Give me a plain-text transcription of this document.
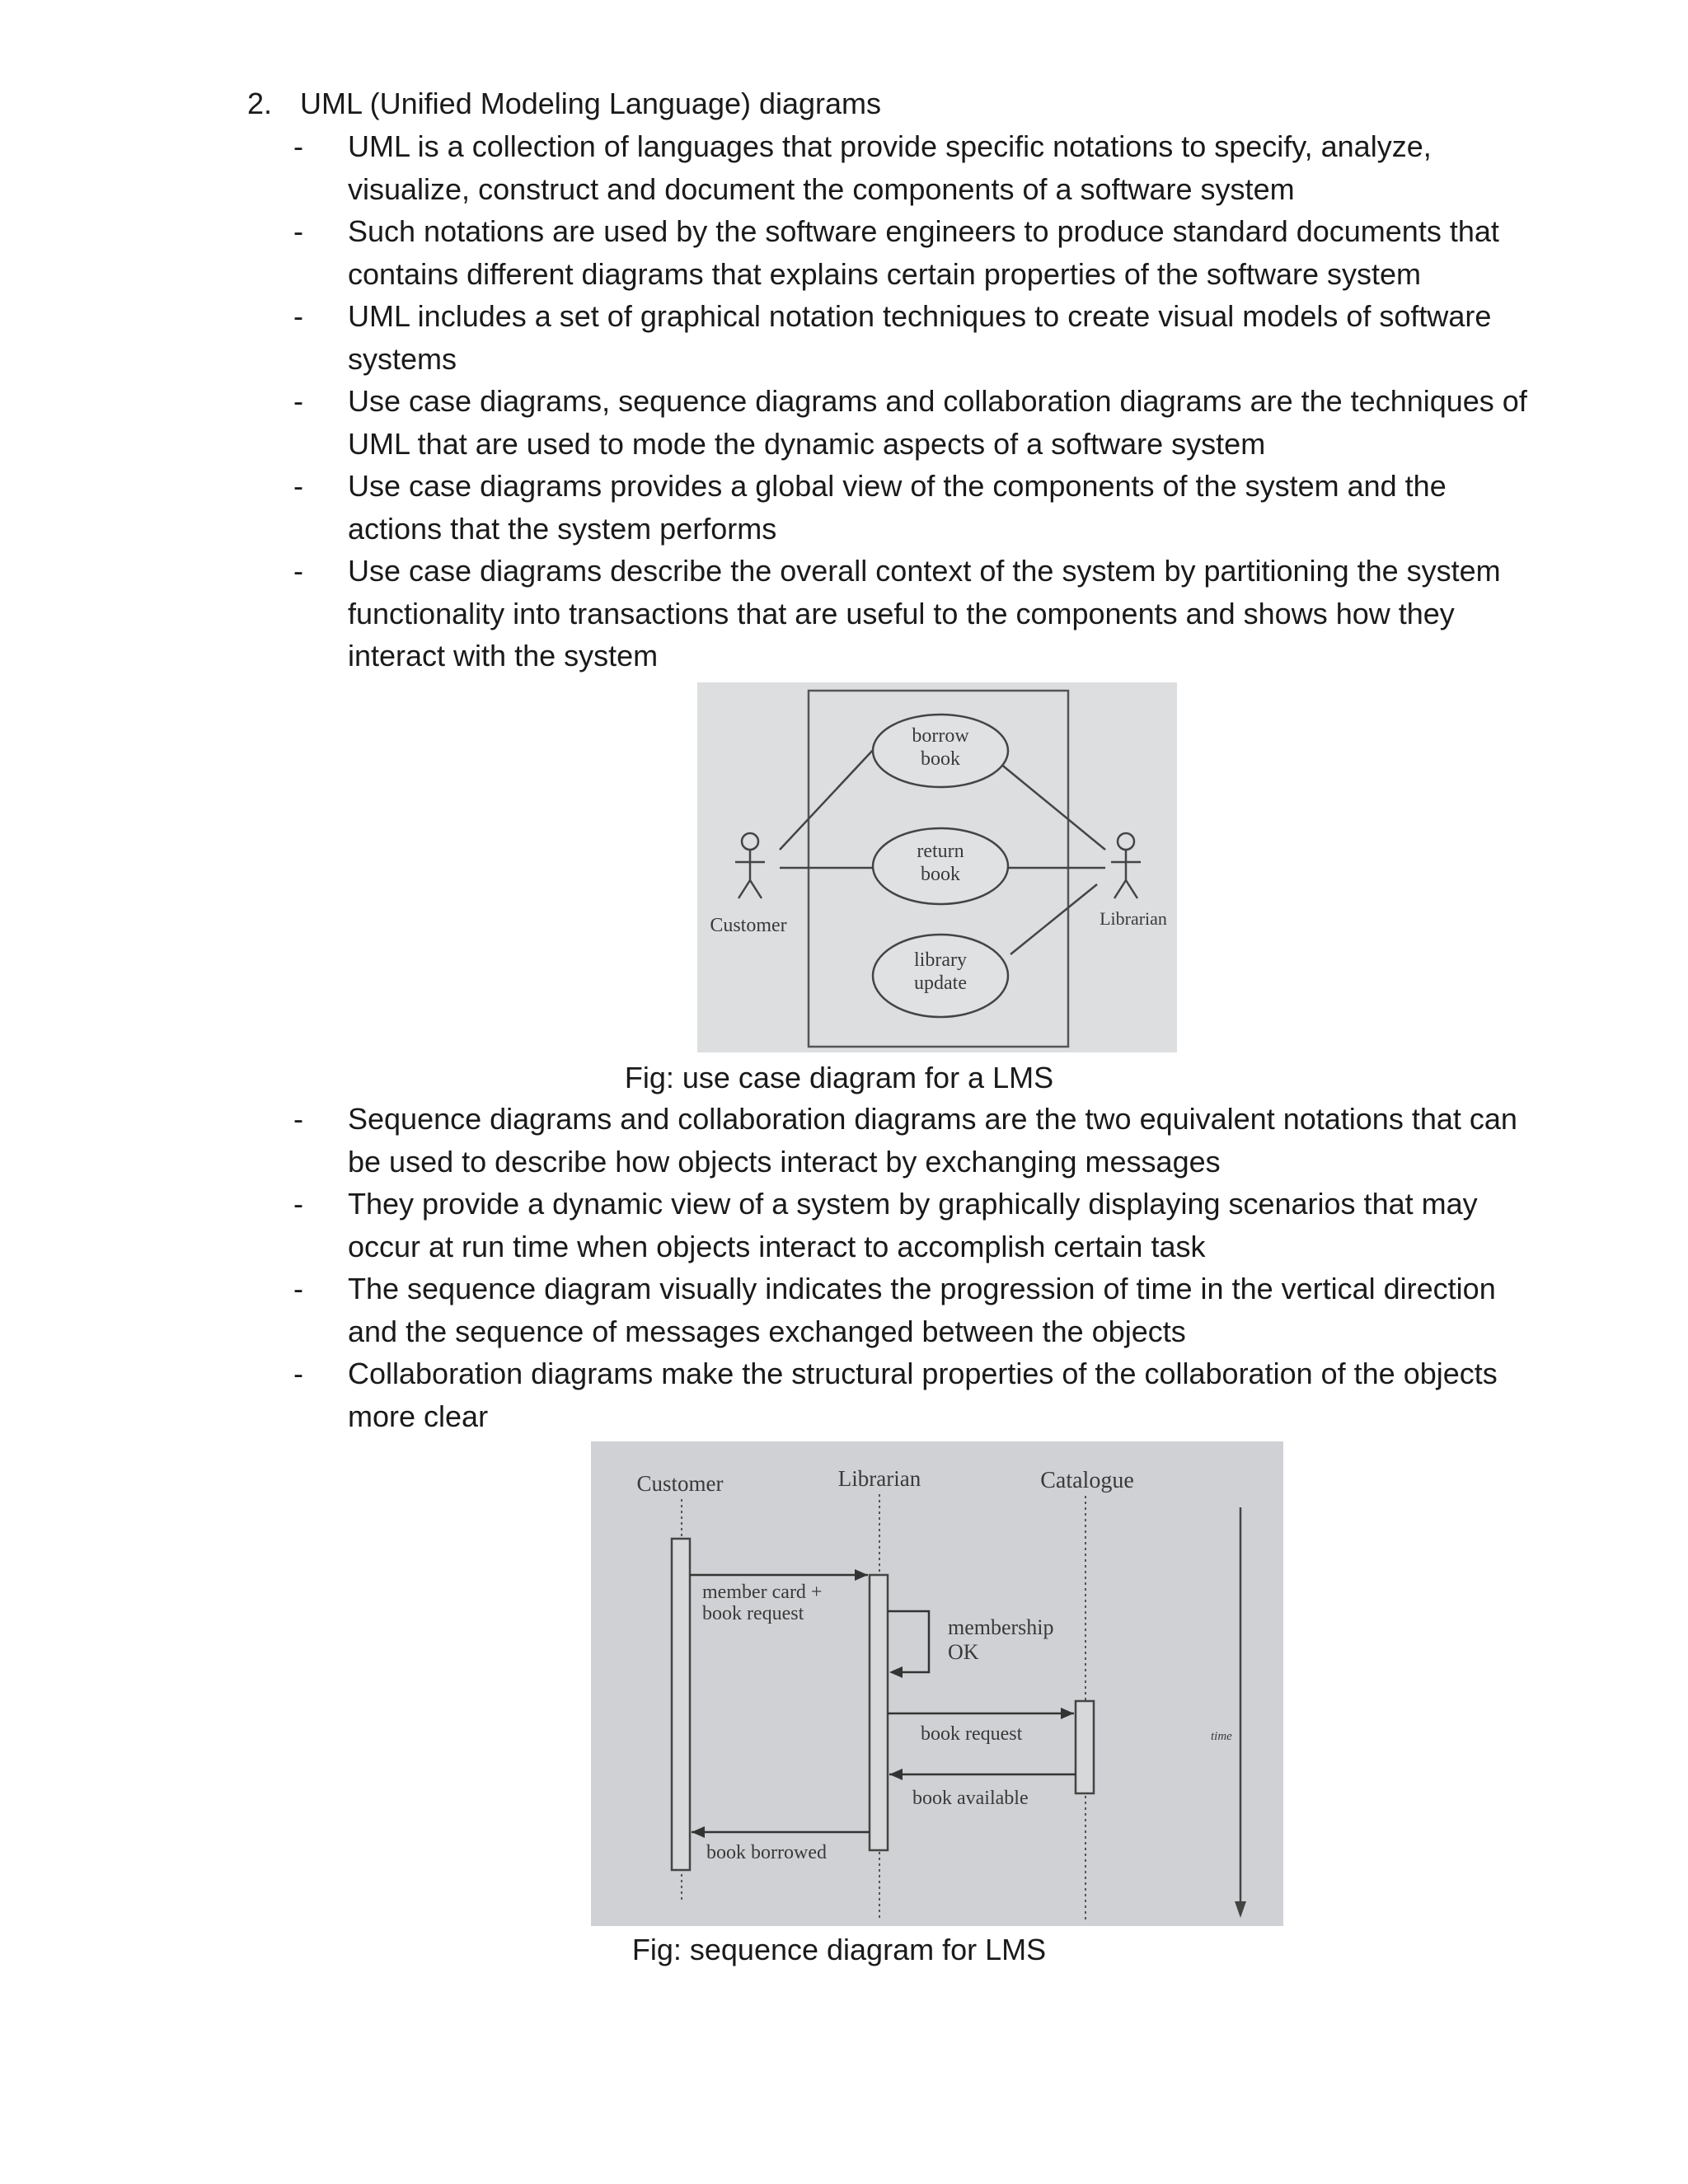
2. UML (Unified Modeling Language) diagrams
- UML is a collection of languages that provide specific notations to specify, analyze, visualize, construct and document the components of a software system
- Such notations are used by the software engineers to produce standard documents that contains different diagrams that explains certain properties of the software system
- UML includes a set of graphical notation techniques to create visual models of software systems
- Use case diagrams, sequence diagrams and collaboration diagrams are the techniques of UML that are used to mode the dynamic aspects of a software system
- Use case diagrams provides a global view of the components of the system and the actions that the system performs
- Use case diagrams describe the overall context of the system by partitioning the system functionality into transactions that are useful to the components and shows how they interact with the system
borrow
book
return
book
library
update
Customer	Librarian
Fig: use case diagram for a LMS
- Sequence diagrams and collaboration diagrams are the two equivalent notations that can be used to describe how objects interact by exchanging messages
- They provide a dynamic view of a system by graphically displaying scenarios that may occur at run time when objects interact to accomplish certain task
- The sequence diagram visually indicates the progression of time in the vertical direction and the sequence of messages exchanged between the objects
- Collaboration diagrams make the structural properties of the collaboration of the objects more clear
Customer	Librarian	Catalogue
member card +
book request
membership
OK
book request
book available
book borrowed
time
Fig: sequence diagram for LMS
